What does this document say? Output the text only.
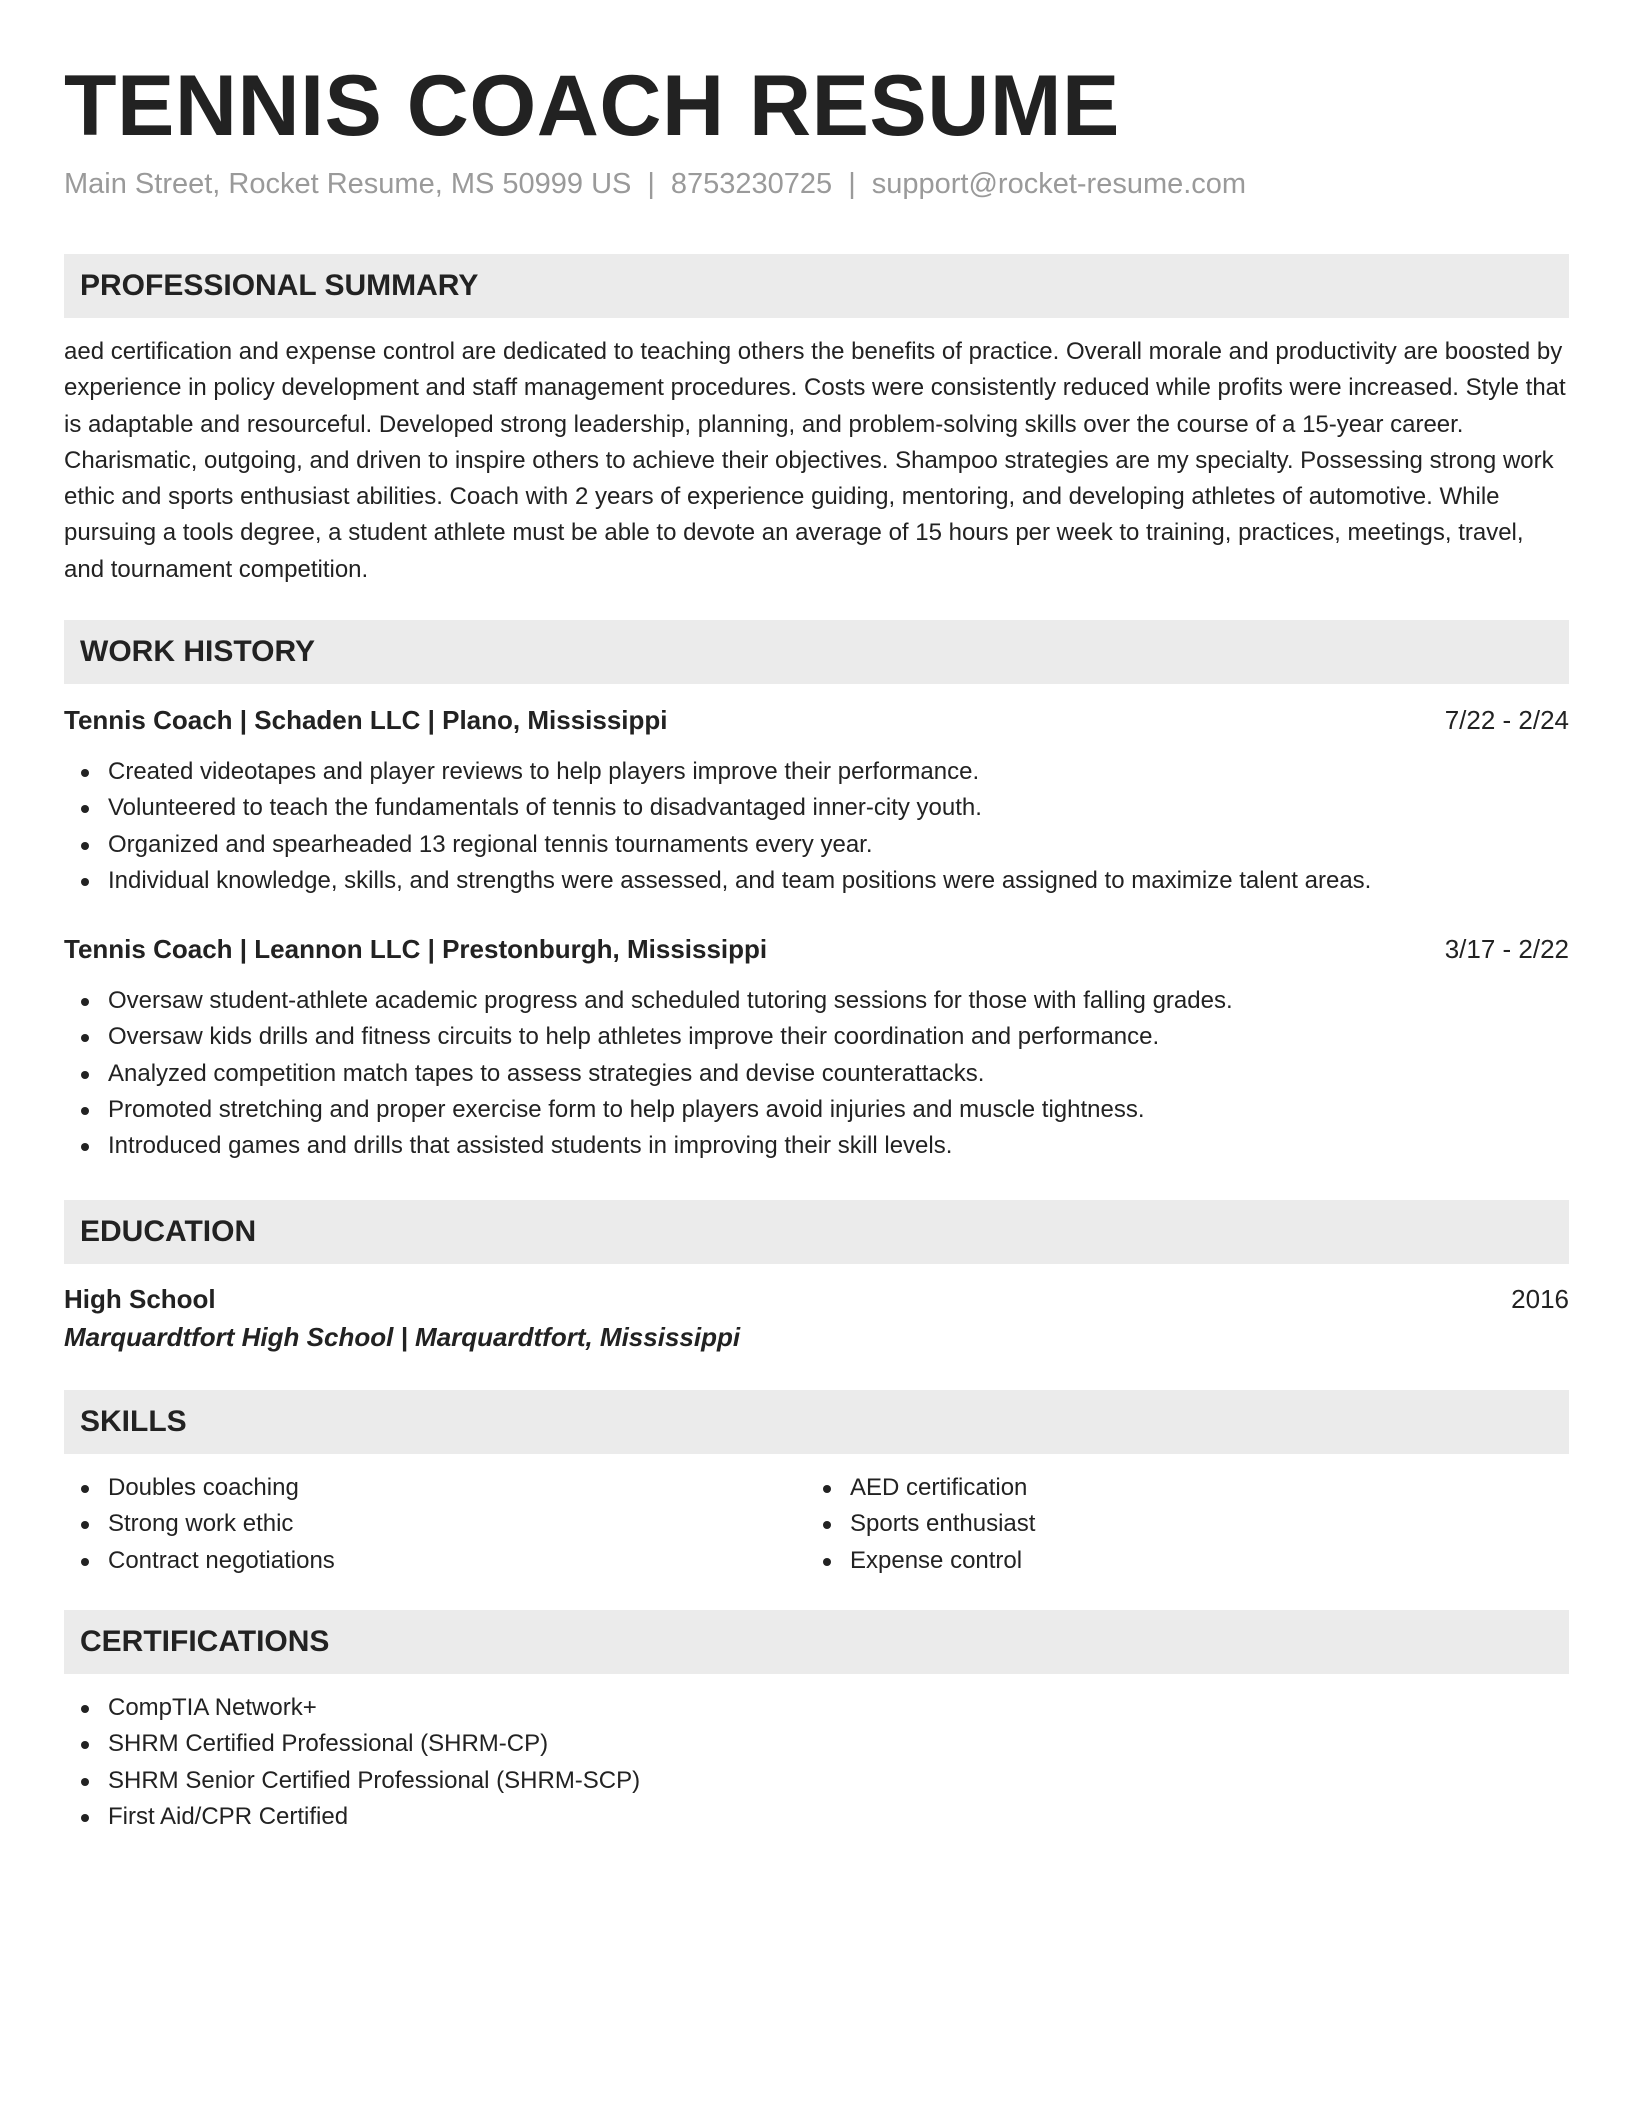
TENNIS COACH RESUME
Main Street, Rocket Resume, MS 50999 US | 8753230725 | support@rocket-resume.com
PROFESSIONAL SUMMARY

aed certification and expense control are dedicated to teaching others the benefits of practice. Overall morale and productivity are boosted by experience in policy development and staff management procedures. Costs were consistently reduced while profits were increased. Style that is adaptable and resourceful. Developed strong leadership, planning, and problem-solving skills over the course of a 15-year career. Charismatic, outgoing, and driven to inspire others to achieve their objectives. Shampoo strategies are my specialty. Possessing strong work ethic and sports enthusiast abilities. Coach with 2 years of experience guiding, mentoring, and developing athletes of automotive. While pursuing a tools degree, a student athlete must be able to devote an average of 15 hours per week to training, practices, meetings, travel, and tournament competition.

WORK HISTORY
Tennis Coach | Schaden LLC | Plano, Mississippi	7/22 - 2/24
Created videotapes and player reviews to help players improve their performance.
Volunteered to teach the fundamentals of tennis to disadvantaged inner-city youth.
Organized and spearheaded 13 regional tennis tournaments every year.
Individual knowledge, skills, and strengths were assessed, and team positions were assigned to maximize talent areas.
Tennis Coach | Leannon LLC | Prestonburgh, Mississippi	3/17 - 2/22
Oversaw student-athlete academic progress and scheduled tutoring sessions for those with falling grades.
Oversaw kids drills and fitness circuits to help athletes improve their coordination and performance.
Analyzed competition match tapes to assess strategies and devise counterattacks.
Promoted stretching and proper exercise form to help players avoid injuries and muscle tightness.
Introduced games and drills that assisted students in improving their skill levels.
EDUCATION
High School	2016
Marquardtfort High School | Marquardtfort, Mississippi
SKILLS
Doubles coaching
Strong work ethic
Contract negotiations
AED certification
Sports enthusiast
Expense control
CERTIFICATIONS
CompTIA Network+
SHRM Certified Professional (SHRM-CP)
SHRM Senior Certified Professional (SHRM-SCP)
First Aid/CPR Certified
